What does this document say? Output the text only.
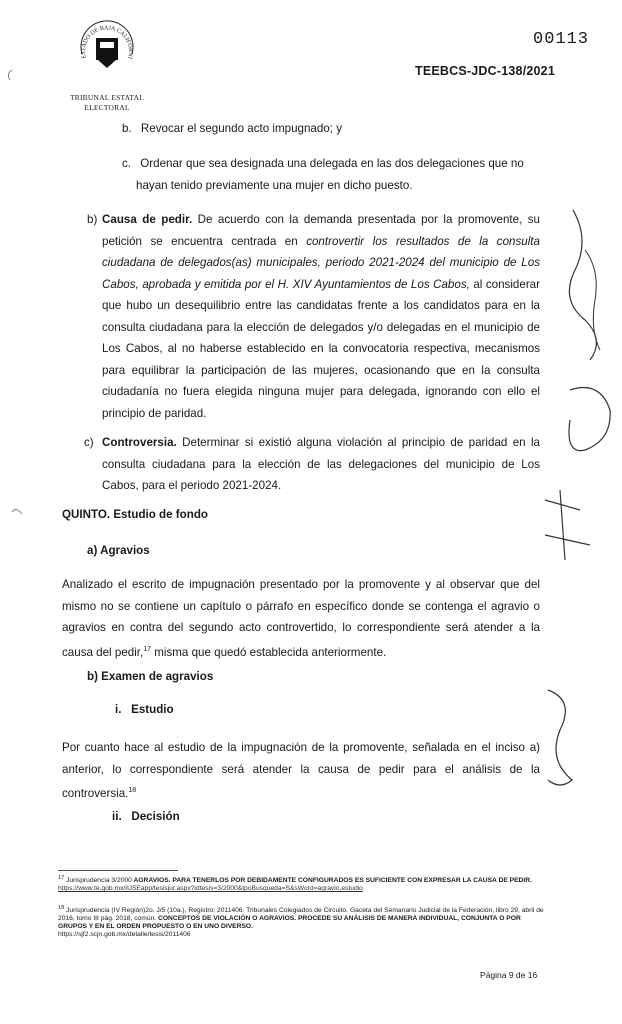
ESTADO DE BAJA CALIFORNI
TRIBUNAL ESTATAL
ELECTORAL
00113
TEEBCS-JDC-138/2021
b. Revocar el segundo acto impugnado; y
c. Ordenar que sea designada una delegada en las dos delegaciones que no
hayan tenido previamente una mujer en dicho puesto.
b) Causa de pedir. De acuerdo con la demanda presentada por la promovente, su petición se encuentra centrada en controvertir los resultados de la consulta ciudadana de delegados(as) municipales, periodo 2021-2024 del municipio de Los Cabos, aprobada y emitida por el H. XIV Ayuntamientos de Los Cabos, al considerar que hubo un desequilibrio entre las candidatas frente a los candidatos para en la consulta ciudadana para la elección de delegados y/o delegadas en el municipio de Los Cabos, al no haberse establecido en la convocatoria respectiva, mecanismos para equilibrar la participación de las mujeres, ocasionando que en la consulta ciudadanía no fuera elegida ninguna mujer para delegada, ignorando con ello el principio de paridad.
c) Controversia. Determinar si existió alguna violación al principio de paridad en la consulta ciudadana para la elección de las delegaciones del municipio de Los Cabos, para el periodo 2021-2024.
QUINTO. Estudio de fondo
a) Agravios
Analizado el escrito de impugnación presentado por la promovente y al observar que del mismo no se contiene un capítulo o párrafo en específico donde se contenga el agravio o agravios en contra del segundo acto controvertido, lo correspondiente será atender a la causa del pedir,$^{17}$ misma que quedó establecida anteriormente.
b) Examen de agravios
i.   Estudio
Por cuanto hace al estudio de la impugnación de la promovente, señalada en el inciso a) anterior, lo correspondiente será atender la causa de pedir para el análisis de la controversia.$^{18}$
ii.   Decisión
$^{17}$ Jurisprudencia 3/2000 AGRAVIOS. PARA TENERLOS POR DEBIDAMENTE CONFIGURADOS ES SUFICIENTE CON EXPRESAR LA CAUSA DE PEDIR.
https://www.te.gob.mx/IUSEapp/tesisjur.aspx?idtesis=3/2000&tpoBusqueda=S&sWord=agravio,estudio
$^{18}$ Jurisprudencia (IV Región)2o. J/5 (10a.), Registro: 2011406. Tribunales Colegiados de Circuito. Gaceta del Semanario Judicial de la Federación, libro 29, abril de 2016, tomo III pág. 2018, común. CONCEPTOS DE VIOLACIÓN O AGRAVIOS. PROCEDE SU ANÁLISIS DE MANERA INDIVIDUAL, CONJUNTA O POR GRUPOS Y EN EL ORDEN PROPUESTO O EN UNO DIVERSO.
https://sjf2.scjn.gob.mx/detalle/tesis/2011406
Página 9 de 16
